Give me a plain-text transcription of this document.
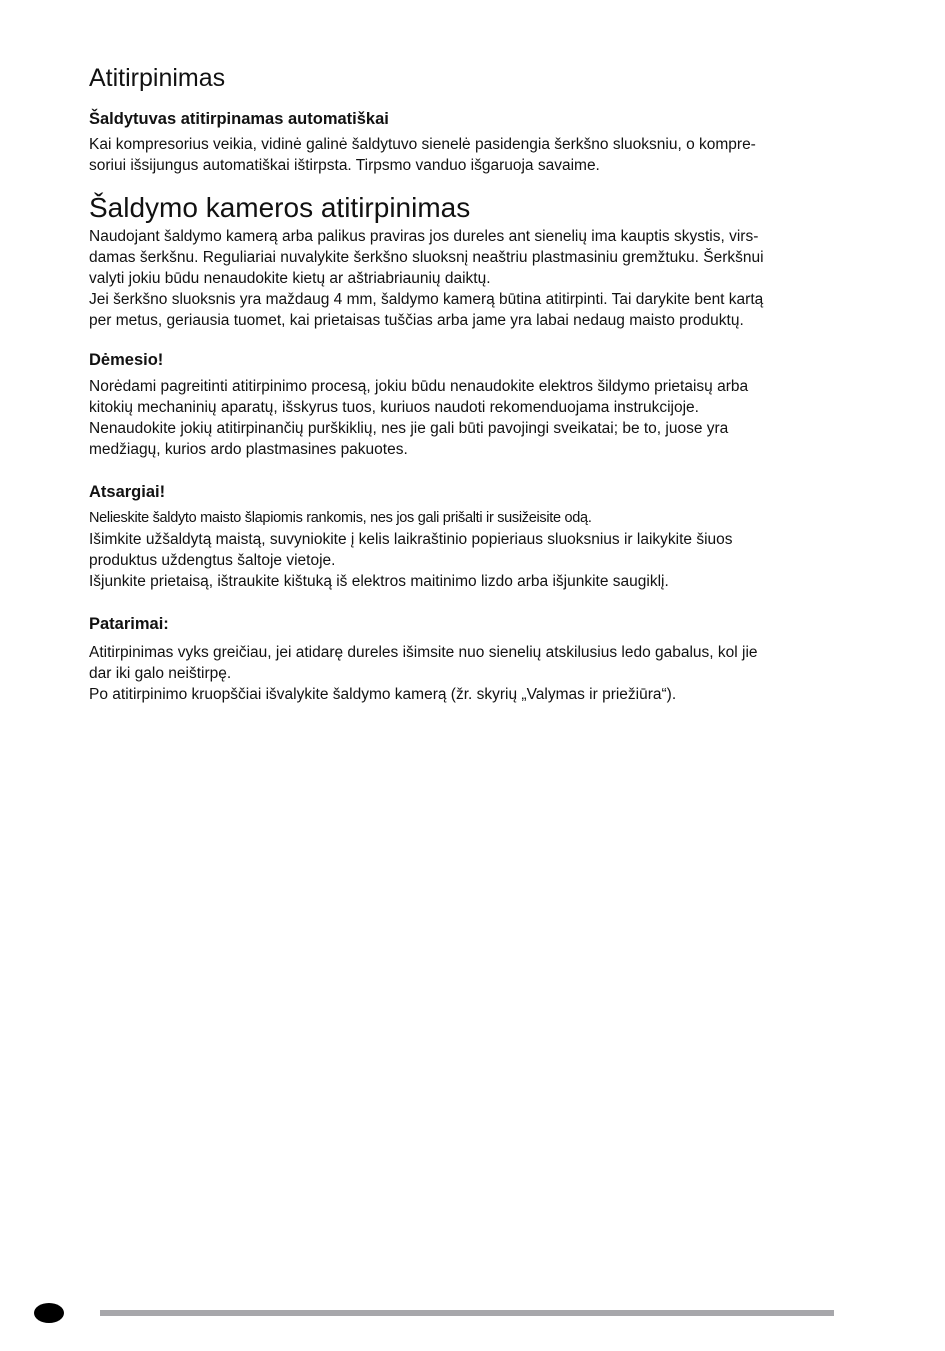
Atitirpinimas
Šaldytuvas atitirpinamas automatiškai

Kai kompresorius veikia, vidinė galinė šaldytuvo sienelė pasidengia šerkšno sluoksniu, o kompre-
soriui išsijungus automatiškai ištirpsta. Tirpsmo vanduo išgaruoja savaime.

Šaldymo kameros atitirpinimas

Naudojant šaldymo kamerą arba palikus praviras jos dureles ant sienelių ima kauptis skystis, virs-
damas šerkšnu. Reguliariai nuvalykite šerkšno sluoksnį neaštriu plastmasiniu gremžtuku. Šerkšnui
valyti jokiu būdu nenaudokite kietų ar aštriabriaunių daiktų.
Jei šerkšno sluoksnis yra maždaug 4 mm, šaldymo kamerą būtina atitirpinti. Tai darykite bent kartą
per metus, geriausia tuomet, kai prietaisas tuščias arba jame yra labai nedaug maisto produktų.

Dėmesio!

Norėdami pagreitinti atitirpinimo procesą, jokiu būdu nenaudokite elektros šildymo prietaisų arba
kitokių mechaninių aparatų, išskyrus tuos, kuriuos naudoti rekomenduojama instrukcijoje.
Nenaudokite jokių atitirpinančių purškiklių, nes jie gali būti pavojingi sveikatai; be to, juose yra
medžiagų, kurios ardo plastmasines pakuotes.

Atsargiai!

Nelieskite šaldyto maisto šlapiomis rankomis, nes jos gali prišalti ir susižeisite odą.

Išimkite užšaldytą maistą, suvyniokite į kelis laikraštinio popieriaus sluoksnius ir laikykite šiuos
produktus uždengtus šaltoje vietoje.
Išjunkite prietaisą, ištraukite kištuką iš elektros maitinimo lizdo arba išjunkite saugiklį.

Patarimai:

Atitirpinimas vyks greičiau, jei atidarę dureles išimsite nuo sienelių atskilusius ledo gabalus, kol jie
dar iki galo neištirpę.
Po atitirpinimo kruopščiai išvalykite šaldymo kamerą (žr. skyrių „Valymas ir priežiūra“).
